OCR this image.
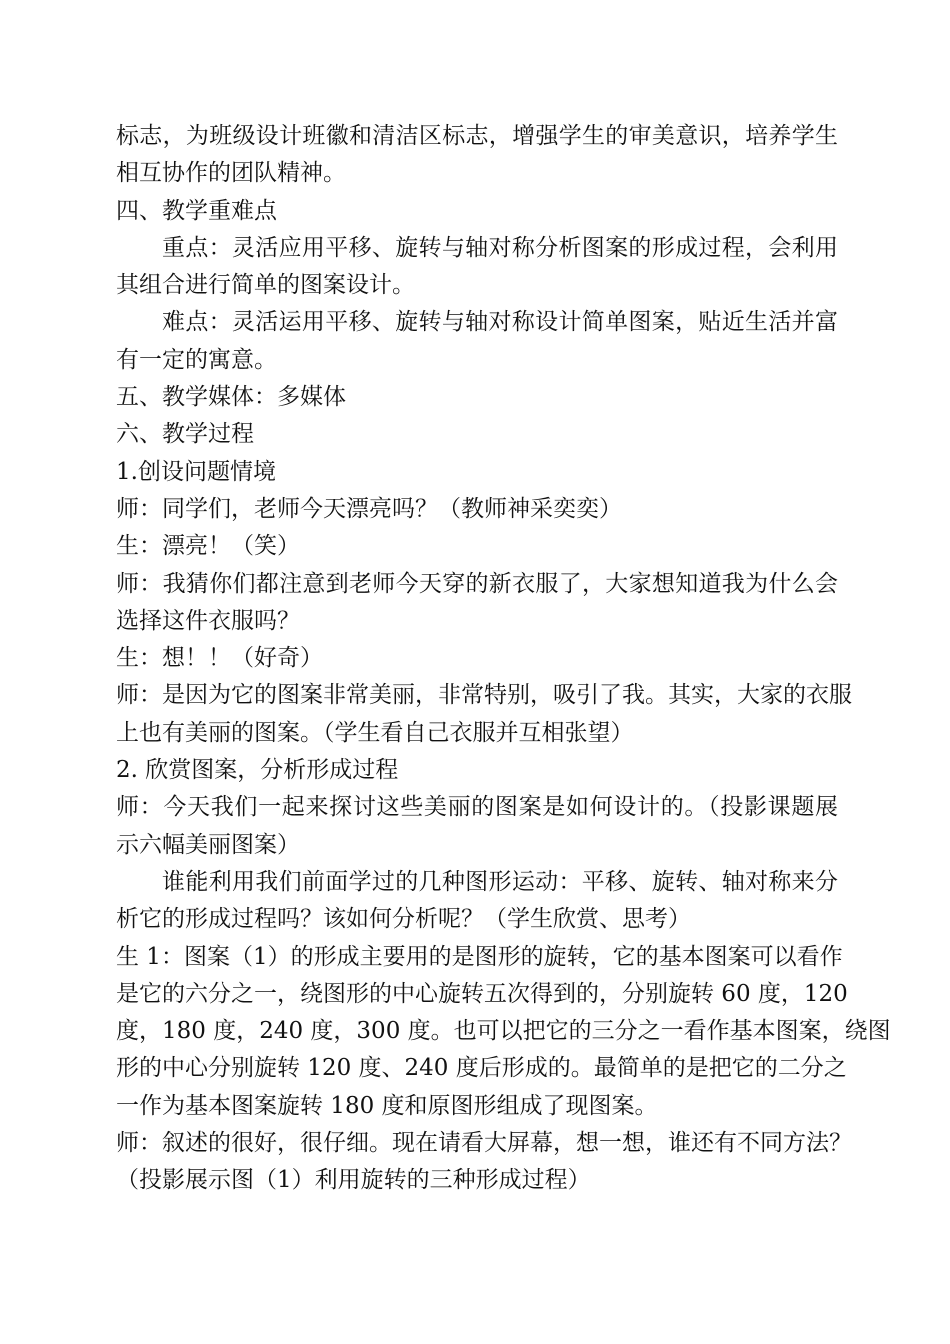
标志，为班级设计班徽和清洁区标志，增强学生的审美意识，培养学生
相互协作的团队精神。
四、教学重难点
重点：灵活应用平移、旋转与轴对称分析图案的形成过程，会利用
其组合进行简单的图案设计。
难点：灵活运用平移、旋转与轴对称设计简单图案，贴近生活并富
有一定的寓意。
五、教学媒体：多媒体
六、教学过程
1.创设问题情境
师：同学们，老师今天漂亮吗？（教师神采奕奕）
生：漂亮！（笑）
师：我猜你们都注意到老师今天穿的新衣服了，大家想知道我为什么会
选择这件衣服吗？
生：想！！（好奇）
师：是因为它的图案非常美丽，非常特别，吸引了我。其实，大家的衣服
上也有美丽的图案。（学生看自己衣服并互相张望）
2. 欣赏图案，分析形成过程
师：今天我们一起来探讨这些美丽的图案是如何设计的。（投影课题展
示六幅美丽图案）
谁能利用我们前面学过的几种图形运动：平移、旋转、轴对称来分
析它的形成过程吗？该如何分析呢？（学生欣赏、思考）
生 1：图案（1）的形成主要用的是图形的旋转，它的基本图案可以看作
是它的六分之一，绕图形的中心旋转五次得到的，分别旋转 60 度，120
度，180 度，240 度，300 度。也可以把它的三分之一看作基本图案，绕图
形的中心分别旋转 120 度、240 度后形成的。最简单的是把它的二分之
一作为基本图案旋转 180 度和原图形组成了现图案。
师：叙述的很好，很仔细。现在请看大屏幕，想一想，谁还有不同方法？
（投影展示图（1）利用旋转的三种形成过程）
